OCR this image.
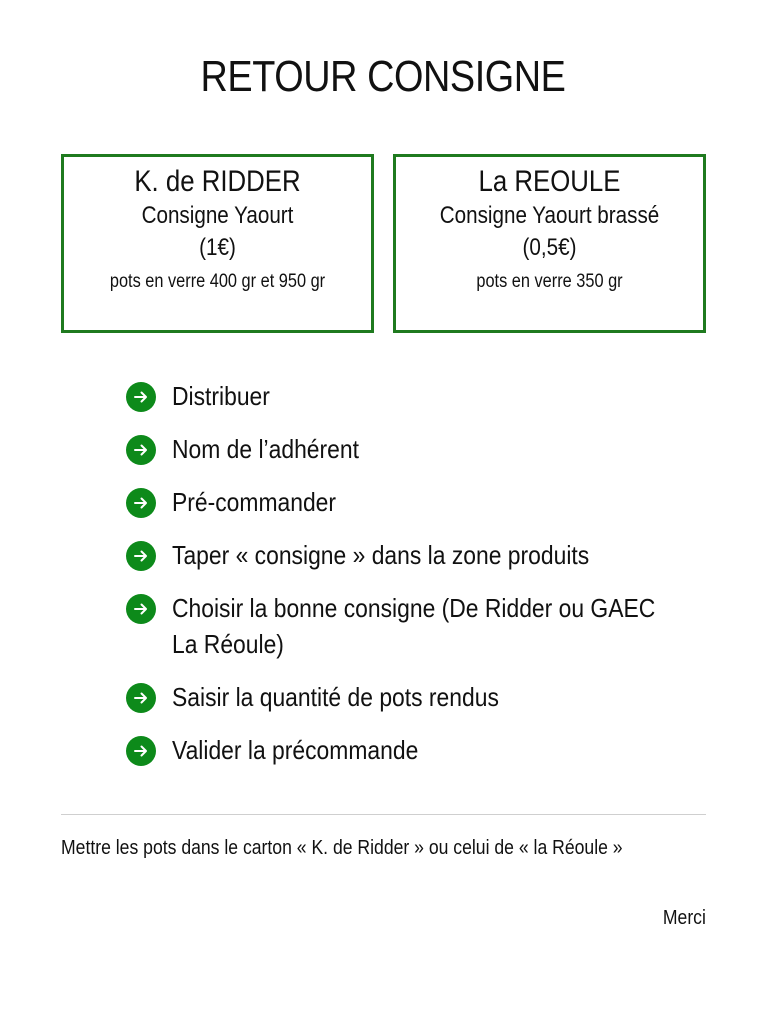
RETOUR CONSIGNE
K. de RIDDER
Consigne Yaourt
(1€)
pots en verre 400 gr et 950 gr
La REOULE
Consigne Yaourt brassé
(0,5€)
pots en verre 350 gr
Distribuer
Nom de l’adhérent
Pré-commander
Taper « consigne » dans la zone produits
Choisir la bonne consigne (De Ridder ou GAEC La Réoule)
Saisir la quantité de pots rendus
Valider la précommande

Mettre les pots dans le carton « K. de Ridder » ou celui de « la Réoule »

Merci
